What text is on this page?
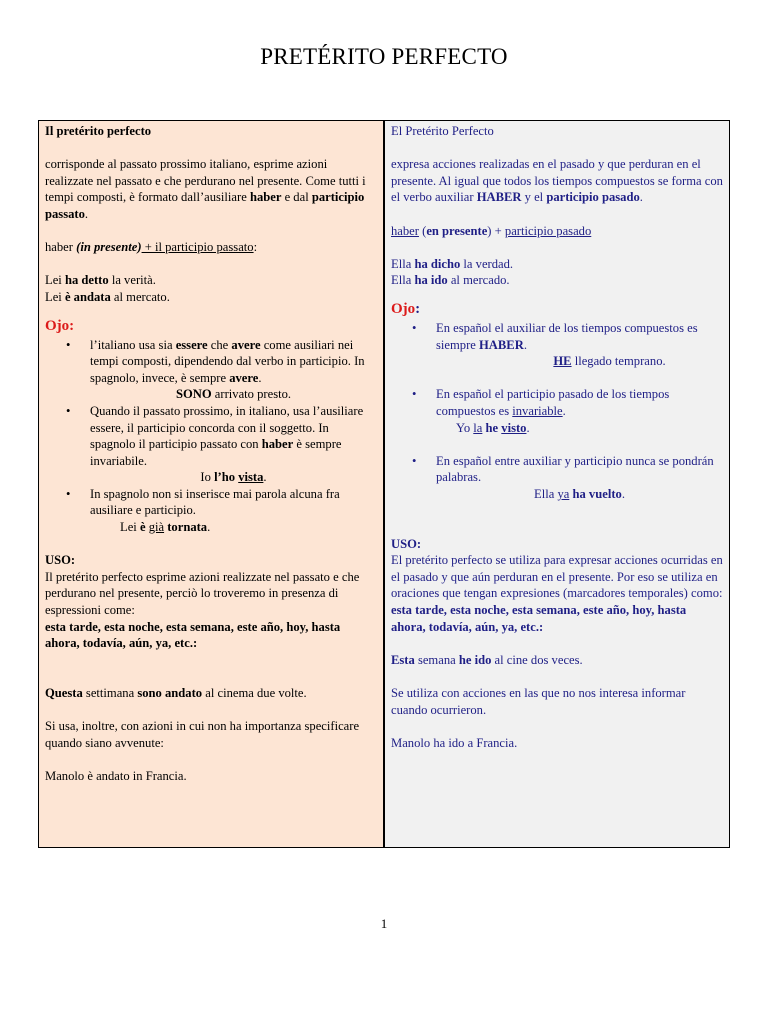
PRETÉRITO PERFECTO
Il pretérito perfecto
corrisponde al passato prossimo italiano, esprime azioni realizzate nel passato e che perdurano nel presente. Come tutti i tempi composti, è formato dall’ausiliare haber e dal participio passato.
haber (in presente) + il participio passato:
Lei ha detto la verità.
Lei è andata al mercato.
Ojo:
• l’italiano usa sia essere che avere come ausiliari nei tempi composti, dipendendo dal verbo in participio. In spagnolo, invece, è sempre avere.
SONO arrivato presto.
• Quando il passato prossimo, in italiano, usa l’ausiliare essere, il participio concorda con il soggetto. In spagnolo il participio passato con haber è sempre invariabile.
Io l’ho vista.
• In spagnolo non si inserisce mai parola alcuna fra ausiliare e participio.
Lei è già tornata.
USO:
Il pretérito perfecto esprime azioni realizzate nel passato e che perdurano nel presente, perciò lo troveremo in presenza di espressioni come:
esta tarde, esta noche, esta semana, este año, hoy, hasta ahora, todavía, aún, ya, etc.:
Questa settimana sono andato al cinema due volte.
Si usa, inoltre, con azioni in cui non ha importanza specificare quando siano avvenute:
Manolo è andato in Francia.
El Pretérito Perfecto
expresa acciones realizadas en el pasado y que perduran en el presente. Al igual que todos los tiempos compuestos se forma con el verbo auxiliar HABER y el participio pasado.
haber (en presente) + participio pasado
Ella ha dicho la verdad.
Ella ha ido al mercado.
Ojo:
• En español el auxiliar de los tiempos compuestos es siempre HABER.
HE llegado temprano.
• En español el participio pasado de los tiempos compuestos es invariable.
Yo la he visto.
• En español entre auxiliar y participio nunca se pondrán palabras.
Ella ya ha vuelto.
USO:
El pretérito perfecto se utiliza para expresar acciones ocurridas en el pasado y que aún perduran en el presente. Por eso se utiliza en oraciones que tengan expresiones (marcadores temporales) como:
esta tarde, esta noche, esta semana, este año, hoy, hasta ahora, todavía, aún, ya, etc.:
Esta semana he ido al cine dos veces.
Se utiliza con acciones en las que no nos interesa informar cuando ocurrieron.
Manolo ha ido a Francia.
1
